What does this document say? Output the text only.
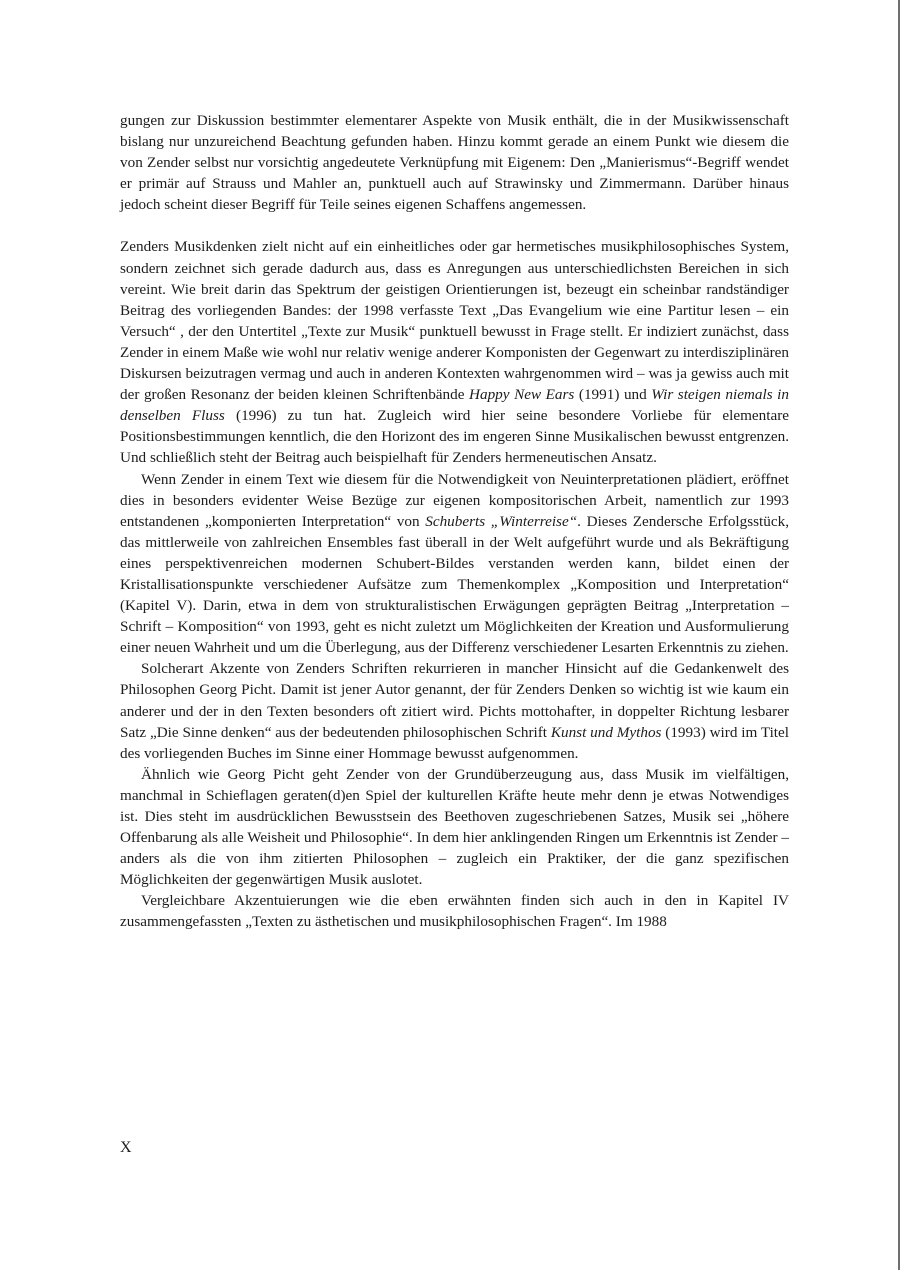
gungen zur Diskussion bestimmter elementarer Aspekte von Musik enthält, die in der Musikwissenschaft bislang nur unzureichend Beachtung gefunden haben. Hinzu kommt gerade an einem Punkt wie diesem die von Zender selbst nur vorsichtig angedeutete Verknüpfung mit Eigenem: Den „Manierismus“-Begriff wendet er primär auf Strauss und Mahler an, punktuell auch auf Strawinsky und Zimmermann. Darüber hinaus jedoch scheint dieser Begriff für Teile seines eigenen Schaffens angemessen.

Zenders Musikdenken zielt nicht auf ein einheitliches oder gar hermetisches musikphilosophisches System, sondern zeichnet sich gerade dadurch aus, dass es Anregungen aus unterschiedlichsten Bereichen in sich vereint. Wie breit darin das Spektrum der geistigen Orientierungen ist, bezeugt ein scheinbar randständiger Beitrag des vorliegenden Bandes: der 1998 verfasste Text „Das Evangelium wie eine Partitur lesen – ein Versuch“ , der den Untertitel „Texte zur Musik“ punktuell bewusst in Frage stellt. Er indiziert zunächst, dass Zender in einem Maße wie wohl nur relativ wenige anderer Komponisten der Gegenwart zu interdisziplinären Diskursen beizutragen vermag und auch in anderen Kontexten wahrgenommen wird – was ja gewiss auch mit der großen Resonanz der beiden kleinen Schriftenbände Happy New Ears (1991) und Wir steigen niemals in denselben Fluss (1996) zu tun hat. Zugleich wird hier seine besondere Vorliebe für elementare Positionsbestimmungen kenntlich, die den Horizont des im engeren Sinne Musikalischen bewusst entgrenzen. Und schließlich steht der Beitrag auch beispielhaft für Zenders hermeneutischen Ansatz.

Wenn Zender in einem Text wie diesem für die Notwendigkeit von Neuinterpretationen plädiert, eröffnet dies in besonders evidenter Weise Bezüge zur eigenen kompositorischen Arbeit, namentlich zur 1993 entstandenen „komponierten Interpretation“ von Schuberts „Winterreise“. Dieses Zendersche Erfolgsstück, das mittlerweile von zahlreichen Ensembles fast überall in der Welt aufgeführt wurde und als Bekräftigung eines perspektivenreichen modernen Schubert-Bildes verstanden werden kann, bildet einen der Kristallisationspunkte verschiedener Aufsätze zum Themenkomplex „Komposition und Interpretation“ (Kapitel V). Darin, etwa in dem von strukturalistischen Erwägungen geprägten Beitrag „Interpretation – Schrift – Komposition“ von 1993, geht es nicht zuletzt um Möglichkeiten der Kreation und Ausformulierung einer neuen Wahrheit und um die Überlegung, aus der Differenz verschiedener Lesarten Erkenntnis zu ziehen.

Solcherart Akzente von Zenders Schriften rekurrieren in mancher Hinsicht auf die Gedankenwelt des Philosophen Georg Picht. Damit ist jener Autor genannt, der für Zenders Denken so wichtig ist wie kaum ein anderer und der in den Texten besonders oft zitiert wird. Pichts mottohafter, in doppelter Richtung lesbarer Satz „Die Sinne denken“ aus der bedeutenden philosophischen Schrift Kunst und Mythos (1993) wird im Titel des vorliegenden Buches im Sinne einer Hommage bewusst aufgenommen.

Ähnlich wie Georg Picht geht Zender von der Grundüberzeugung aus, dass Musik im vielfältigen, manchmal in Schieflagen geraten(d)en Spiel der kulturellen Kräfte heute mehr denn je etwas Notwendiges ist. Dies steht im ausdrücklichen Bewusstsein des Beethoven zugeschriebenen Satzes, Musik sei „höhere Offenbarung als alle Weisheit und Philosophie“. In dem hier anklingenden Ringen um Erkenntnis ist Zender – anders als die von ihm zitierten Philosophen – zugleich ein Praktiker, der die ganz spezifischen Möglichkeiten der gegenwärtigen Musik auslotet.

Vergleichbare Akzentuierungen wie die eben erwähnten finden sich auch in den in Kapitel IV zusammengefassten „Texten zu ästhetischen und musikphilosophischen Fragen“. Im 1988

X
